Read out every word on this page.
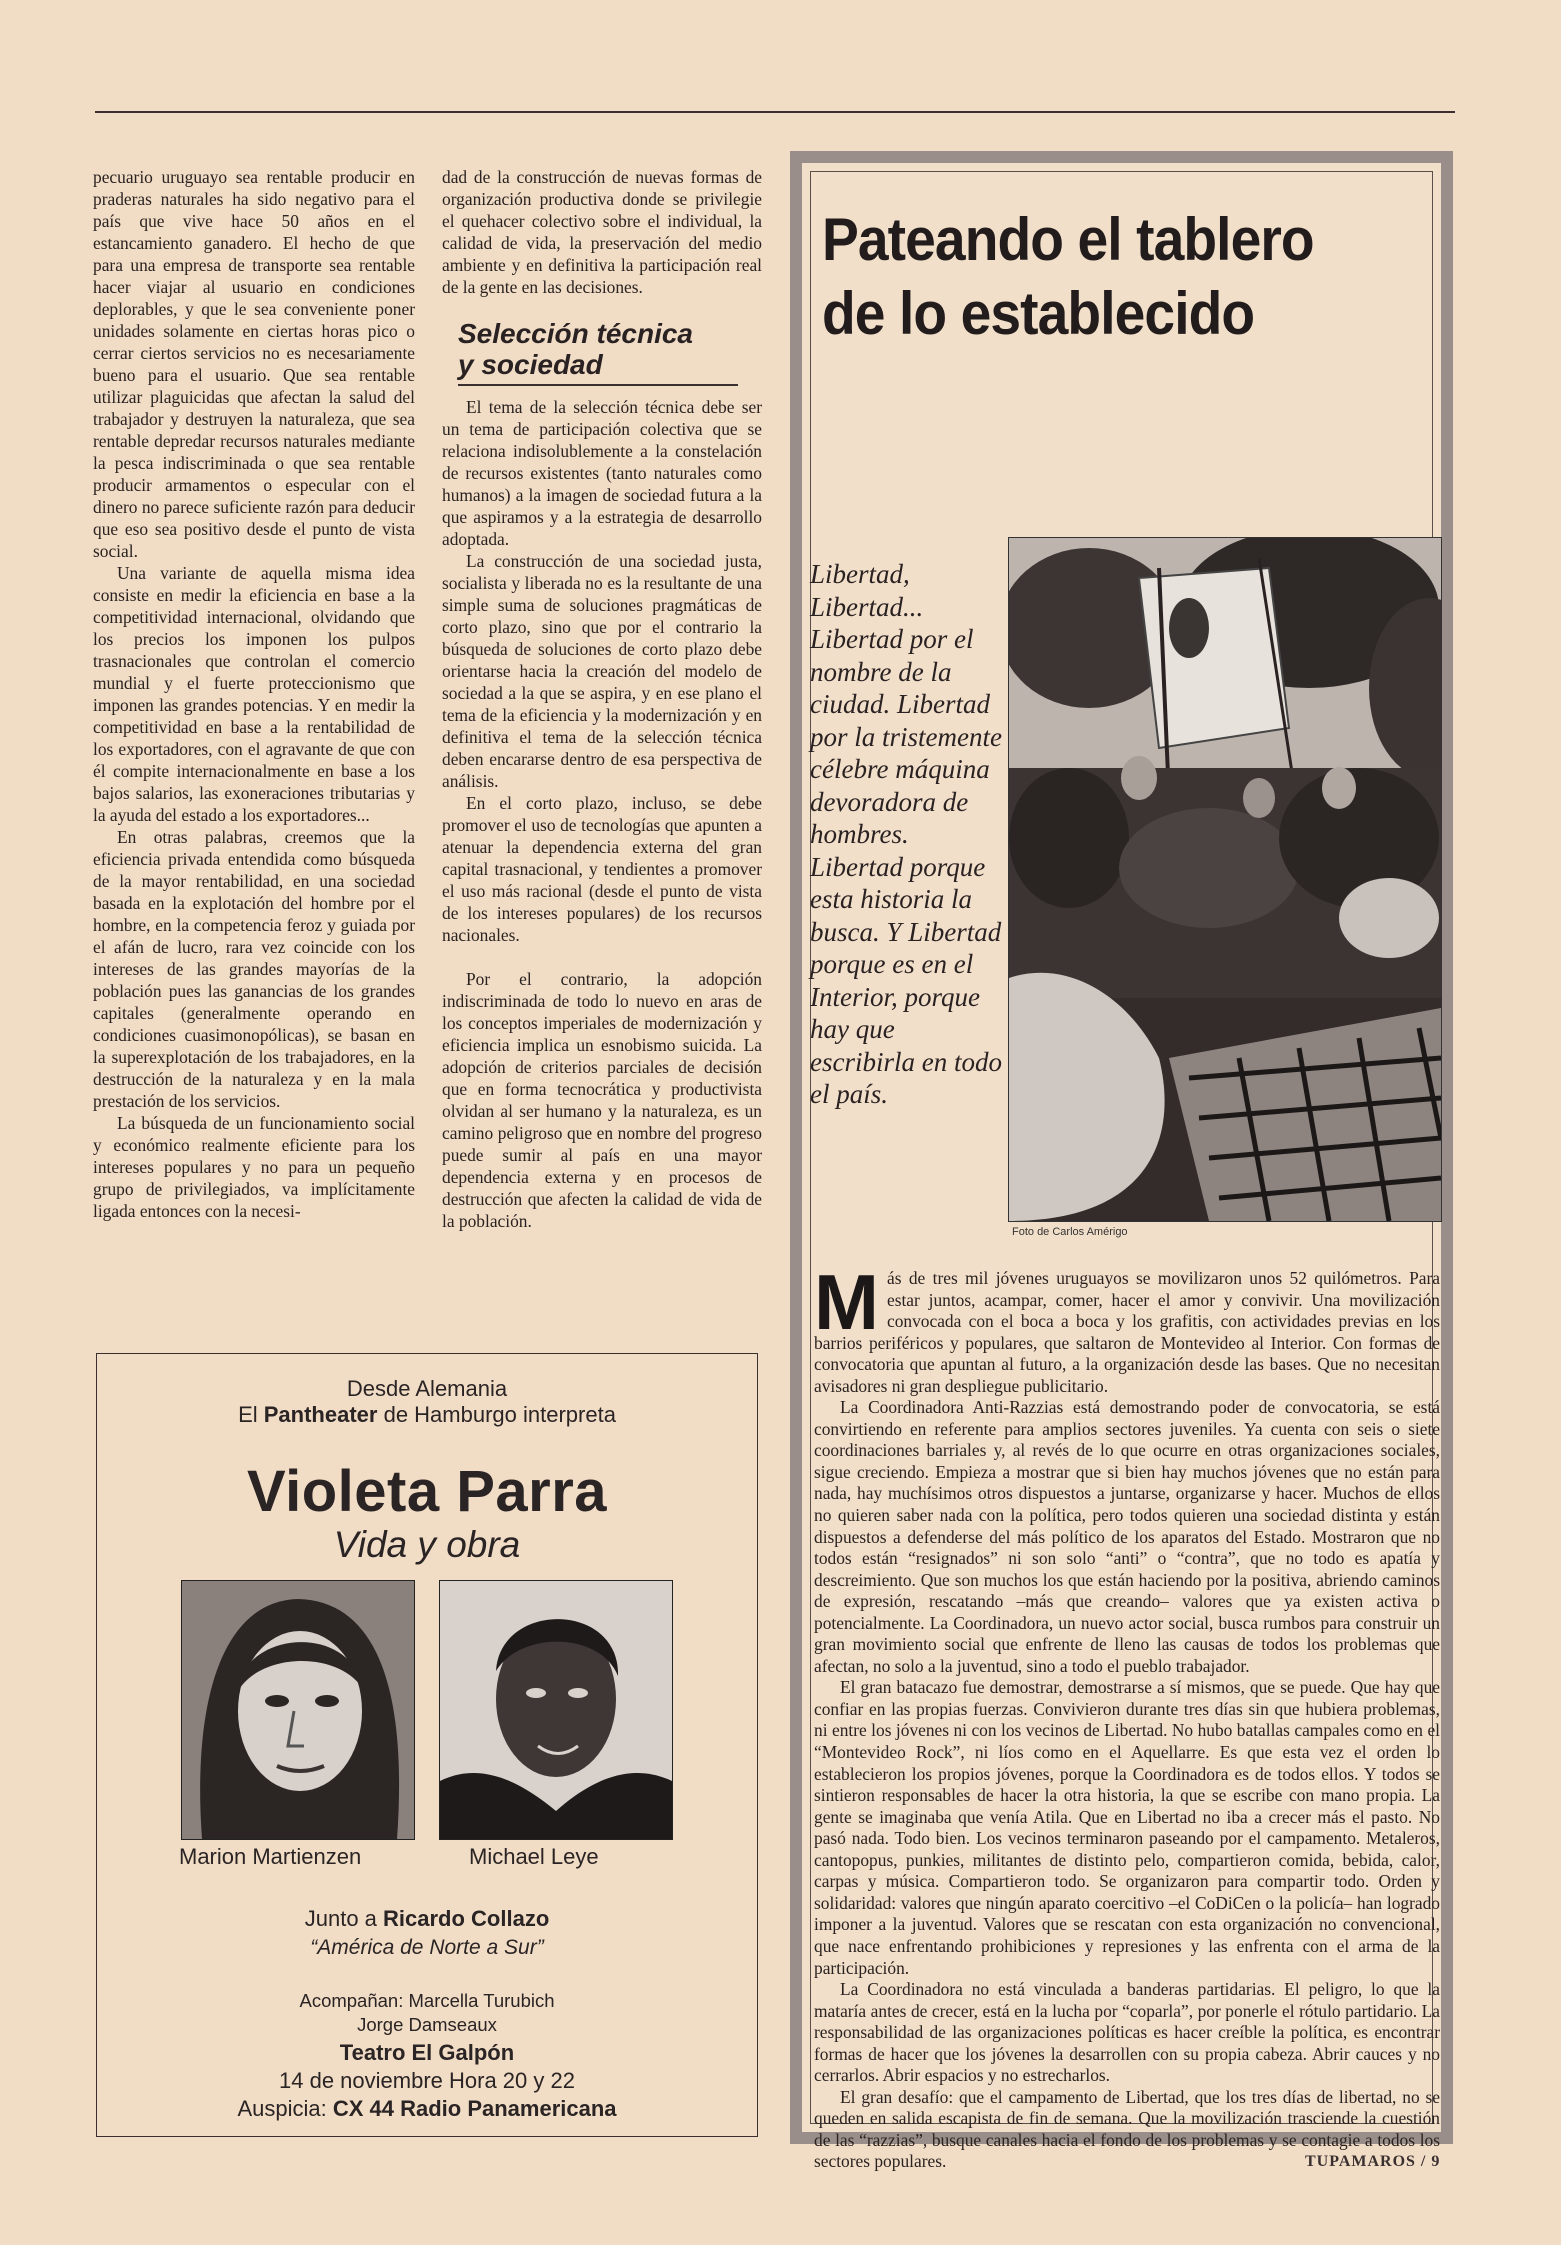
pecuario uruguayo sea rentable producir en praderas naturales ha sido negativo para el país que vive hace 50 años en el estancamiento ganadero. El hecho de que para una empresa de transporte sea rentable hacer viajar al usuario en condiciones deplorables, y que le sea conveniente poner unidades solamente en ciertas horas pico o cerrar ciertos servicios no es necesariamente bueno para el usuario. Que sea rentable utilizar plaguicidas que afectan la salud del trabajador y destruyen la naturaleza, que sea rentable depredar recursos naturales mediante la pesca indiscriminada o que sea rentable producir armamentos o especular con el dinero no parece suficiente razón para deducir que eso sea positivo desde el punto de vista social.

Una variante de aquella misma idea consiste en medir la eficiencia en base a la competitividad internacional, olvidando que los precios los imponen los pulpos trasnacionales que controlan el comercio mundial y el fuerte proteccionismo que imponen las grandes potencias. Y en medir la competitividad en base a la rentabilidad de los exportadores, con el agravante de que con él compite internacionalmente en base a los bajos salarios, las exoneraciones tributarias y la ayuda del estado a los exportadores...

En otras palabras, creemos que la eficiencia privada entendida como búsqueda de la mayor rentabilidad, en una sociedad basada en la explotación del hombre por el hombre, en la competencia feroz y guiada por el afán de lucro, rara vez coincide con los intereses de las grandes mayorías de la población pues las ganancias de los grandes capitales (generalmente operando en condiciones cuasimonopólicas), se basan en la superexplotación de los trabajadores, en la destrucción de la naturaleza y en la mala prestación de los servicios.

La búsqueda de un funcionamiento social y económico realmente eficiente para los intereses populares y no para un pequeño grupo de privilegiados, va implícitamente ligada entonces con la necesi-

dad de la construcción de nuevas formas de organización productiva donde se privilegie el quehacer colectivo sobre el individual, la calidad de vida, la preservación del medio ambiente y en definitiva la participación real de la gente en las decisiones.

Selección técnica
y sociedad

El tema de la selección técnica debe ser un tema de participación colectiva que se relaciona indisolublemente a la constelación de recursos existentes (tanto naturales como humanos) a la imagen de sociedad futura a la que aspiramos y a la estrategia de desarrollo adoptada.

La construcción de una sociedad justa, socialista y liberada no es la resultante de una simple suma de soluciones pragmáticas de corto plazo, sino que por el contrario la búsqueda de soluciones de corto plazo debe orientarse hacia la creación del modelo de sociedad a la que se aspira, y en ese plano el tema de la eficiencia y la modernización y en definitiva el tema de la selección técnica deben encararse dentro de esa perspectiva de análisis.

En el corto plazo, incluso, se debe promover el uso de tecnologías que apunten a atenuar la dependencia externa del gran capital trasnacional, y tendientes a promover el uso más racional (desde el punto de vista de los intereses populares) de los recursos nacionales.

Por el contrario, la adopción indiscriminada de todo lo nuevo en aras de los conceptos imperiales de modernización y eficiencia implica un esnobismo suicida. La adopción de criterios parciales de decisión que en forma tecnocrática y productivista olvidan al ser humano y la naturaleza, es un camino peligroso que en nombre del progreso puede sumir al país en una mayor dependencia externa y en procesos de destrucción que afecten la calidad de vida de la población.

Pateando el tablero
de lo establecido
Libertad, Libertad... Libertad por el nombre de la ciudad. Libertad por la tristemente célebre máquina devoradora de hombres. Libertad porque esta historia la busca. Y Libertad porque es en el Interior, porque hay que escribirla en todo el país.
Foto de Carlos Amérigo

Más de tres mil jóvenes uruguayos se movilizaron unos 52 quilómetros. Para estar juntos, acampar, comer, hacer el amor y convivir. Una movilización convocada con el boca a boca y los grafitis, con actividades previas en los barrios periféricos y populares, que saltaron de Montevideo al Interior. Con formas de convocatoria que apuntan al futuro, a la organización desde las bases. Que no necesitan avisadores ni gran despliegue publicitario.

La Coordinadora Anti-Razzias está demostrando poder de convocatoria, se está convirtiendo en referente para amplios sectores juveniles. Ya cuenta con seis o siete coordinaciones barriales y, al revés de lo que ocurre en otras organizaciones sociales, sigue creciendo. Empieza a mostrar que si bien hay muchos jóvenes que no están para nada, hay muchísimos otros dispuestos a juntarse, organizarse y hacer. Muchos de ellos no quieren saber nada con la política, pero todos quieren una sociedad distinta y están dispuestos a defenderse del más político de los aparatos del Estado. Mostraron que no todos están “resignados” ni son solo “anti” o “contra”, que no todo es apatía y descreimiento. Que son muchos los que están haciendo por la positiva, abriendo caminos de expresión, rescatando –más que creando– valores que ya existen activa o potencialmente. La Coordinadora, un nuevo actor social, busca rumbos para construir un gran movimiento social que enfrente de lleno las causas de todos los problemas que afectan, no solo a la juventud, sino a todo el pueblo trabajador.

El gran batacazo fue demostrar, demostrarse a sí mismos, que se puede. Que hay que confiar en las propias fuerzas. Convivieron durante tres días sin que hubiera problemas, ni entre los jóvenes ni con los vecinos de Libertad. No hubo batallas campales como en el “Montevideo Rock”, ni líos como en el Aquellarre. Es que esta vez el orden lo establecieron los propios jóvenes, porque la Coordinadora es de todos ellos. Y todos se sintieron responsables de hacer la otra historia, la que se escribe con mano propia. La gente se imaginaba que venía Atila. Que en Libertad no iba a crecer más el pasto. No pasó nada. Todo bien. Los vecinos terminaron paseando por el campamento. Metaleros, cantopopus, punkies, militantes de distinto pelo, compartieron comida, bebida, calor, carpas y música. Compartieron todo. Se organizaron para compartir todo. Orden y solidaridad: valores que ningún aparato coercitivo –el CoDiCen o la policía– han logrado imponer a la juventud. Valores que se rescatan con esta organización no convencional, que nace enfrentando prohibiciones y represiones y las enfrenta con el arma de la participación.

La Coordinadora no está vinculada a banderas partidarias. El peligro, lo que la mataría antes de crecer, está en la lucha por “coparla”, por ponerle el rótulo partidario. La responsabilidad de las organizaciones políticas es hacer creíble la política, es encontrar formas de hacer que los jóvenes la desarrollen con su propia cabeza. Abrir cauces y no cerrarlos. Abrir espacios y no estrecharlos.

El gran desafío: que el campamento de Libertad, que los tres días de libertad, no se queden en salida escapista de fin de semana. Que la movilización trasciende la cuestión de las “razzias”, busque canales hacia el fondo de los problemas y se contagie a todos los sectores populares.

Desde Alemania
El Pantheater de Hamburgo interpreta
Violeta Parra
Vida y obra
Marion Martienzen	Michael Leye
Junto a Ricardo Collazo
“América de Norte a Sur”
Acompañan: Marcella Turubich
Jorge Damseaux
Teatro El Galpón
14 de noviembre Hora 20 y 22
Auspicia: CX 44 Radio Panamericana
TUPAMAROS / 9
